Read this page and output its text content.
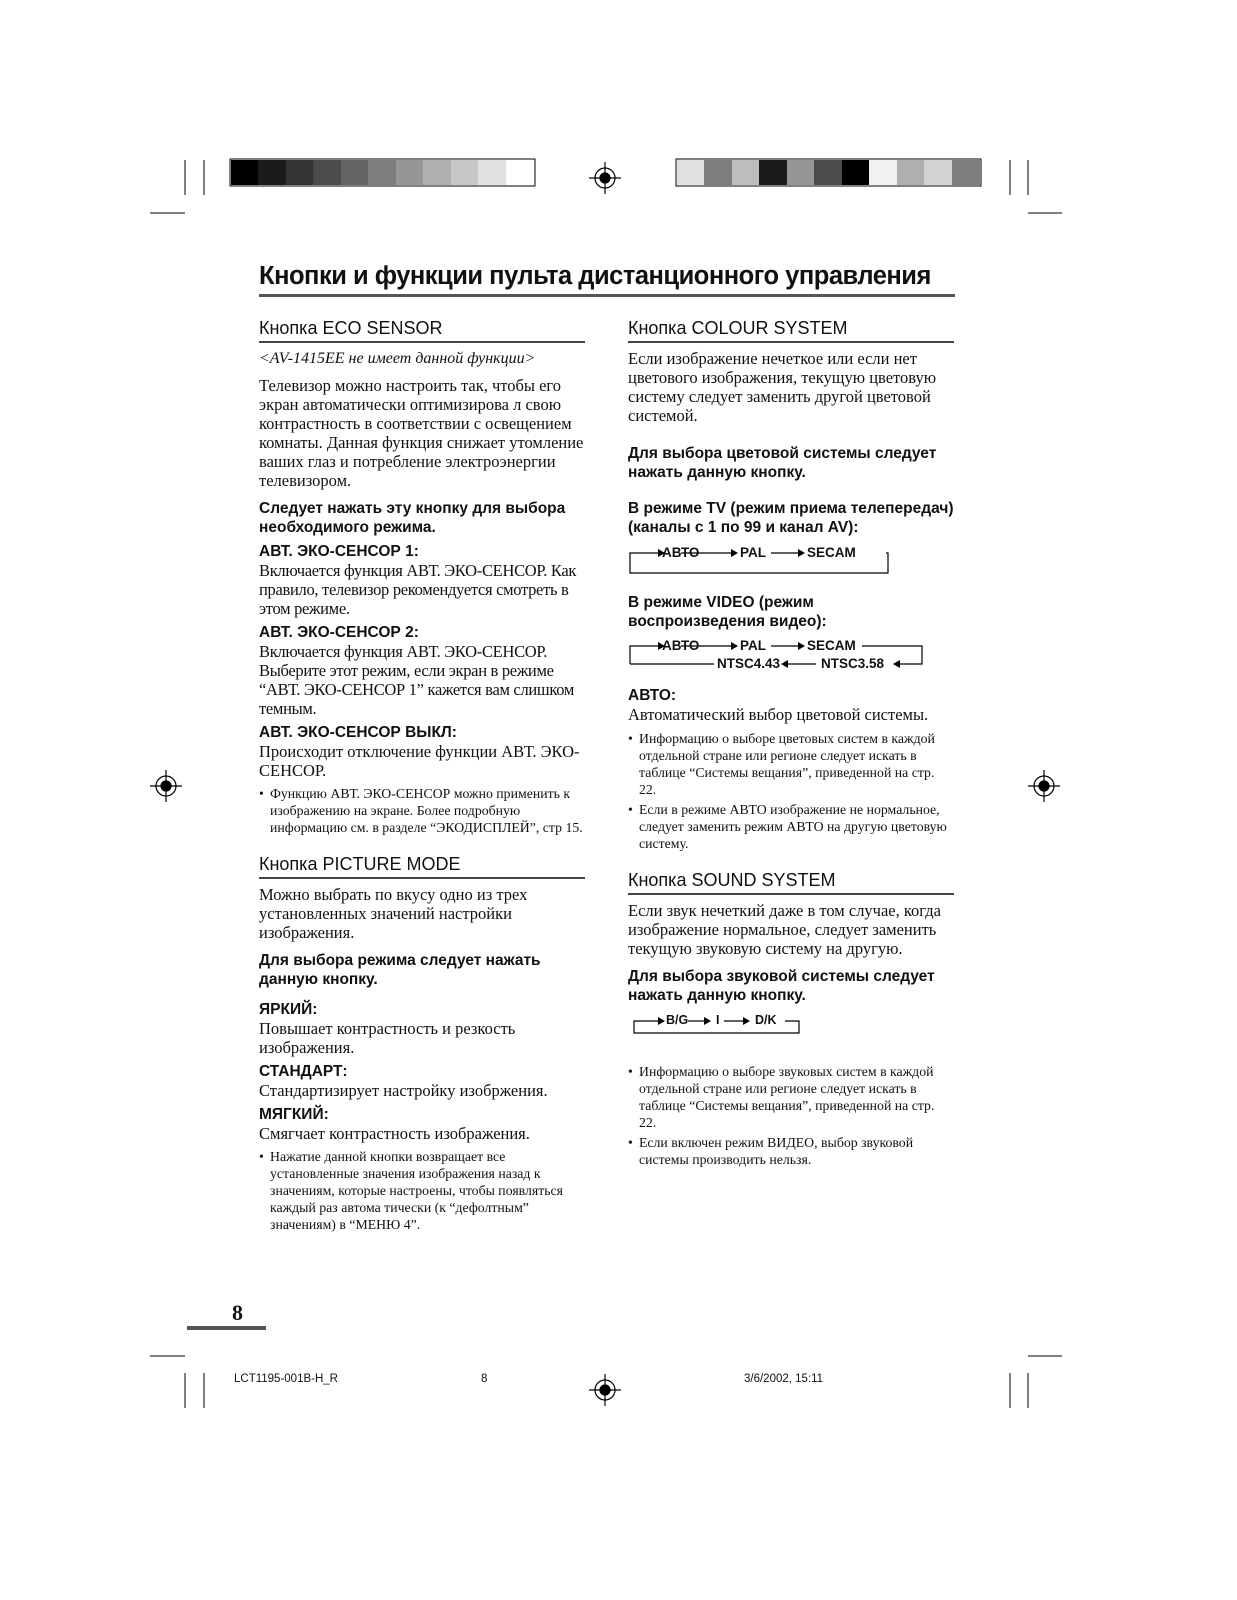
Кнопки и функции пульта дистанционного управления
Кнопка ECO SENSOR

<AV-1415EE не имеет данной функции>

Телевизор можно настроить так, чтобы его экран автоматически оптимизирова л свою контрастность в соответствии с освещением комнаты. Данная функция снижает утомление ваших глаз и потребление электроэнергии телевизором.

Следует нажать эту кнопку для выбора необходимого режима.

АВТ. ЭКО-СЕНСОР 1:

Включается функция АВТ. ЭКО-СЕНСОР. Как правило, телевизор рекомендуется смотреть в этом режиме.

АВТ. ЭКО-СЕНСОР 2:

Включается функция АВТ. ЭКО-СЕНСОР. Выберите этот режим, если экран в режиме “АВТ. ЭКО-СЕНСОР 1” кажется вам слишком темным.

АВТ. ЭКО-СЕНСОР ВЫКЛ:

Происходит отключение функции АВТ. ЭКО-СЕНСОР.

• Функцию АВТ. ЭКО-СЕНСОР можно применить к изображению на экране. Более подробную информацию см. в разделе “ЭКОДИСПЛЕЙ”, стр 15.

Кнопка PICTURE MODE

Можно выбрать по вкусу одно из трех установленных значений настройки изображения.

Для выбора режима следует нажать данную кнопку.

ЯРКИЙ:

Повышает контрастность и резкость изображения.

СТАНДАРТ:

Стандартизирует настройку изобржения.

МЯГКИЙ:

Смягчает контрастность изображения.

• Нажатие данной кнопки возвращает все установленные значения изображения назад к значениям, которые настроены, чтобы появляться каждый раз автома тически (к “дефолтным” значениям) в “МЕНЮ 4”.

Кнопка COLOUR SYSTEM

Если изображение нечеткое или если нет цветового изображения, текущую цветовую систему следует заменить другой цветовой системой.

Для выбора цветовой системы следует нажать данную кнопку.

В режиме TV (режим приема телепередач) (каналы с 1 по 99 и канал AV):

АВТО	PAL	SECAM

В режиме VIDEO (режим воспроизведения видео):

АВТО	PAL	SECAM
NTSC4.43	NTSC3.58

АВТО:

Автоматический выбор цветовой системы.

• Информацию о выборе цветовых систем в каждой отдельной стране или регионе следует искать в таблице “Системы вещания”, приведенной на стр. 22.

• Если в режиме АВТО изображение не нормальное, следует заменить режим АВТО на другую цветовую систему.

Кнопка SOUND SYSTEM

Если звук нечеткий даже в том случае, когда изображение нормальное, следует заменить текущую звуковую систему на другую.

Для выбора звуковой системы следует нажать данную кнопку.

B/G I	D/K

• Информацию о выборе звуковых систем в каждой отдельной стране или регионе следует искать в таблице “Системы вещания”, приведенной на стр. 22.

• Если включен режим ВИДЕО, выбор звуковой системы производить нельзя.

8
LCT1195-001B-H_R	8	3/6/2002, 15:11
